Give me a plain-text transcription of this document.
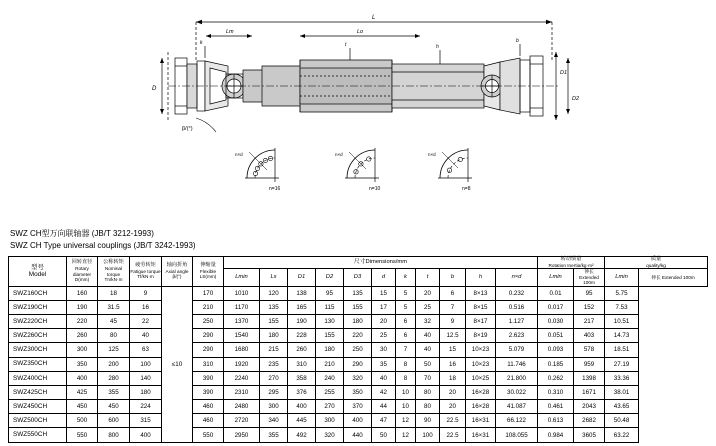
L
Lm	Lo
D
D1
D2
k	t	h
b
β/(°)
n×d
n=16
n×d
n=10
n×d
n=8
SWZ CH型万向联轴器 (JB/T 3212-1993)
SWZ CH Type universal couplings (JB/T 3242-1993)
型号
Model

回转直径
Rotary diameter
D(mm)

公称转矩
Nominal torque
Tn/kN·m

疲劳转矩
Fatigue torque
Tf/kN·m

轴向折角
Axial angle
β/(°)

伸缩量
Flexible
LS(mm)
	尺寸Dimensions/mm	
转动惯量
Rotation Inertia/kg·m²

质量
quality/kg

						Lmin	Ls	D1	D2	D3	d	k	t	b	h	n×d	Lmin	伸长 Extended 100m	Lmin	伸长 Extended 100m

SWZ160CH	160	18	9	≤10	170	1010	120	138	95	135	15	5	20	6	8×13	0.232	0.01	95	5.75	
SWZ190CH	190	31.5	16		210	1170	135	165	115	155	17	5	25	7	8×15	0.516	0.017	152	7.53	
SWZ220CH	220	45	22		250	1370	155	190	130	180	20	6	32	9	8×17	1.127	0.030	217	10.51	
SWZ260CH	260	80	40		290	1540	180	228	155	220	25	6	40	12.5	8×19	2.623	0.051	403	14.73	
SWZ300CH	300	125	63		290	1680	215	260	180	250	30	7	40	15	10×23	5.079	0.093	578	18.51	
SWZ350CH	350	200	100		310	1920	235	310	210	290	35	8	50	16	10×23	11.746	0.185	959	27.19	
SWZ400CH	400	280	140		390	2240	270	358	240	320	40	8	70	18	10×25	21.800	0.262	1398	33.36	
SWZ425CH	425	355	180		390	2310	295	376	255	350	42	10	80	20	16×28	30.022	0.310	1671	38.01	
SWZ450CH	450	450	224		460	2480	300	400	270	370	44	10	80	20	16×28	41.087	0.461	2043	43.65	
SWZ500CH	500	600	315		460	2720	340	445	300	400	47	12	90	22.5	16×31	66.122	0.613	2682	50.48	
SWZ550CH	550	800	400		550	2950	355	492	320	440	50	12	100	22.5	16×31	108.055	0.984	3605	63.22	
